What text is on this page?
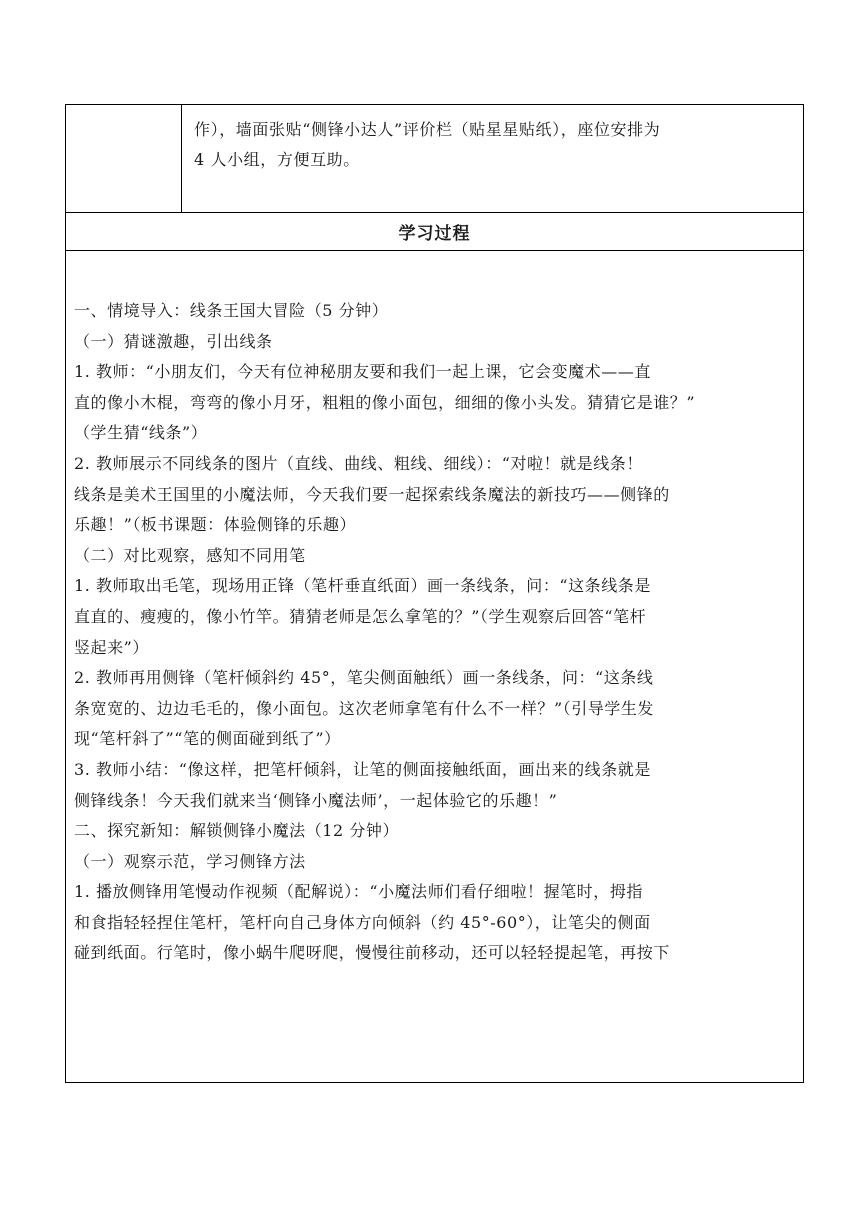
作），墙面张贴“侧锋小达人”评价栏（贴星星贴纸），座位安排为
4 人小组，方便互助。
学习过程

一、情境导入：线条王国大冒险（5 分钟）

（一）猜谜激趣，引出线条

1. 教师：“小朋友们，今天有位神秘朋友要和我们一起上课，它会变魔术——直

直的像小木棍，弯弯的像小月牙，粗粗的像小面包，细细的像小头发。猜猜它是谁？”

（学生猜“线条”）

2. 教师展示不同线条的图片（直线、曲线、粗线、细线）：“对啦！就是线条！

线条是美术王国里的小魔法师，今天我们要一起探索线条魔法的新技巧——侧锋的

乐趣！”（板书课题：体验侧锋的乐趣）

（二）对比观察，感知不同用笔

1. 教师取出毛笔，现场用正锋（笔杆垂直纸面）画一条线条，问：“这条线条是

直直的、瘦瘦的，像小竹竿。猜猜老师是怎么拿笔的？”（学生观察后回答“笔杆

竖起来”）

2. 教师再用侧锋（笔杆倾斜约 45°，笔尖侧面触纸）画一条线条，问：“这条线

条宽宽的、边边毛毛的，像小面包。这次老师拿笔有什么不一样？”（引导学生发

现“笔杆斜了”“笔的侧面碰到纸了”）

3. 教师小结：“像这样，把笔杆倾斜，让笔的侧面接触纸面，画出来的线条就是

侧锋线条！今天我们就来当‘侧锋小魔法师’，一起体验它的乐趣！”

二、探究新知：解锁侧锋小魔法（12 分钟）

（一）观察示范，学习侧锋方法

1. 播放侧锋用笔慢动作视频（配解说）：“小魔法师们看仔细啦！握笔时，拇指

和食指轻轻捏住笔杆，笔杆向自己身体方向倾斜（约 45°-60°），让笔尖的侧面

碰到纸面。行笔时，像小蜗牛爬呀爬，慢慢往前移动，还可以轻轻提起笔，再按下
